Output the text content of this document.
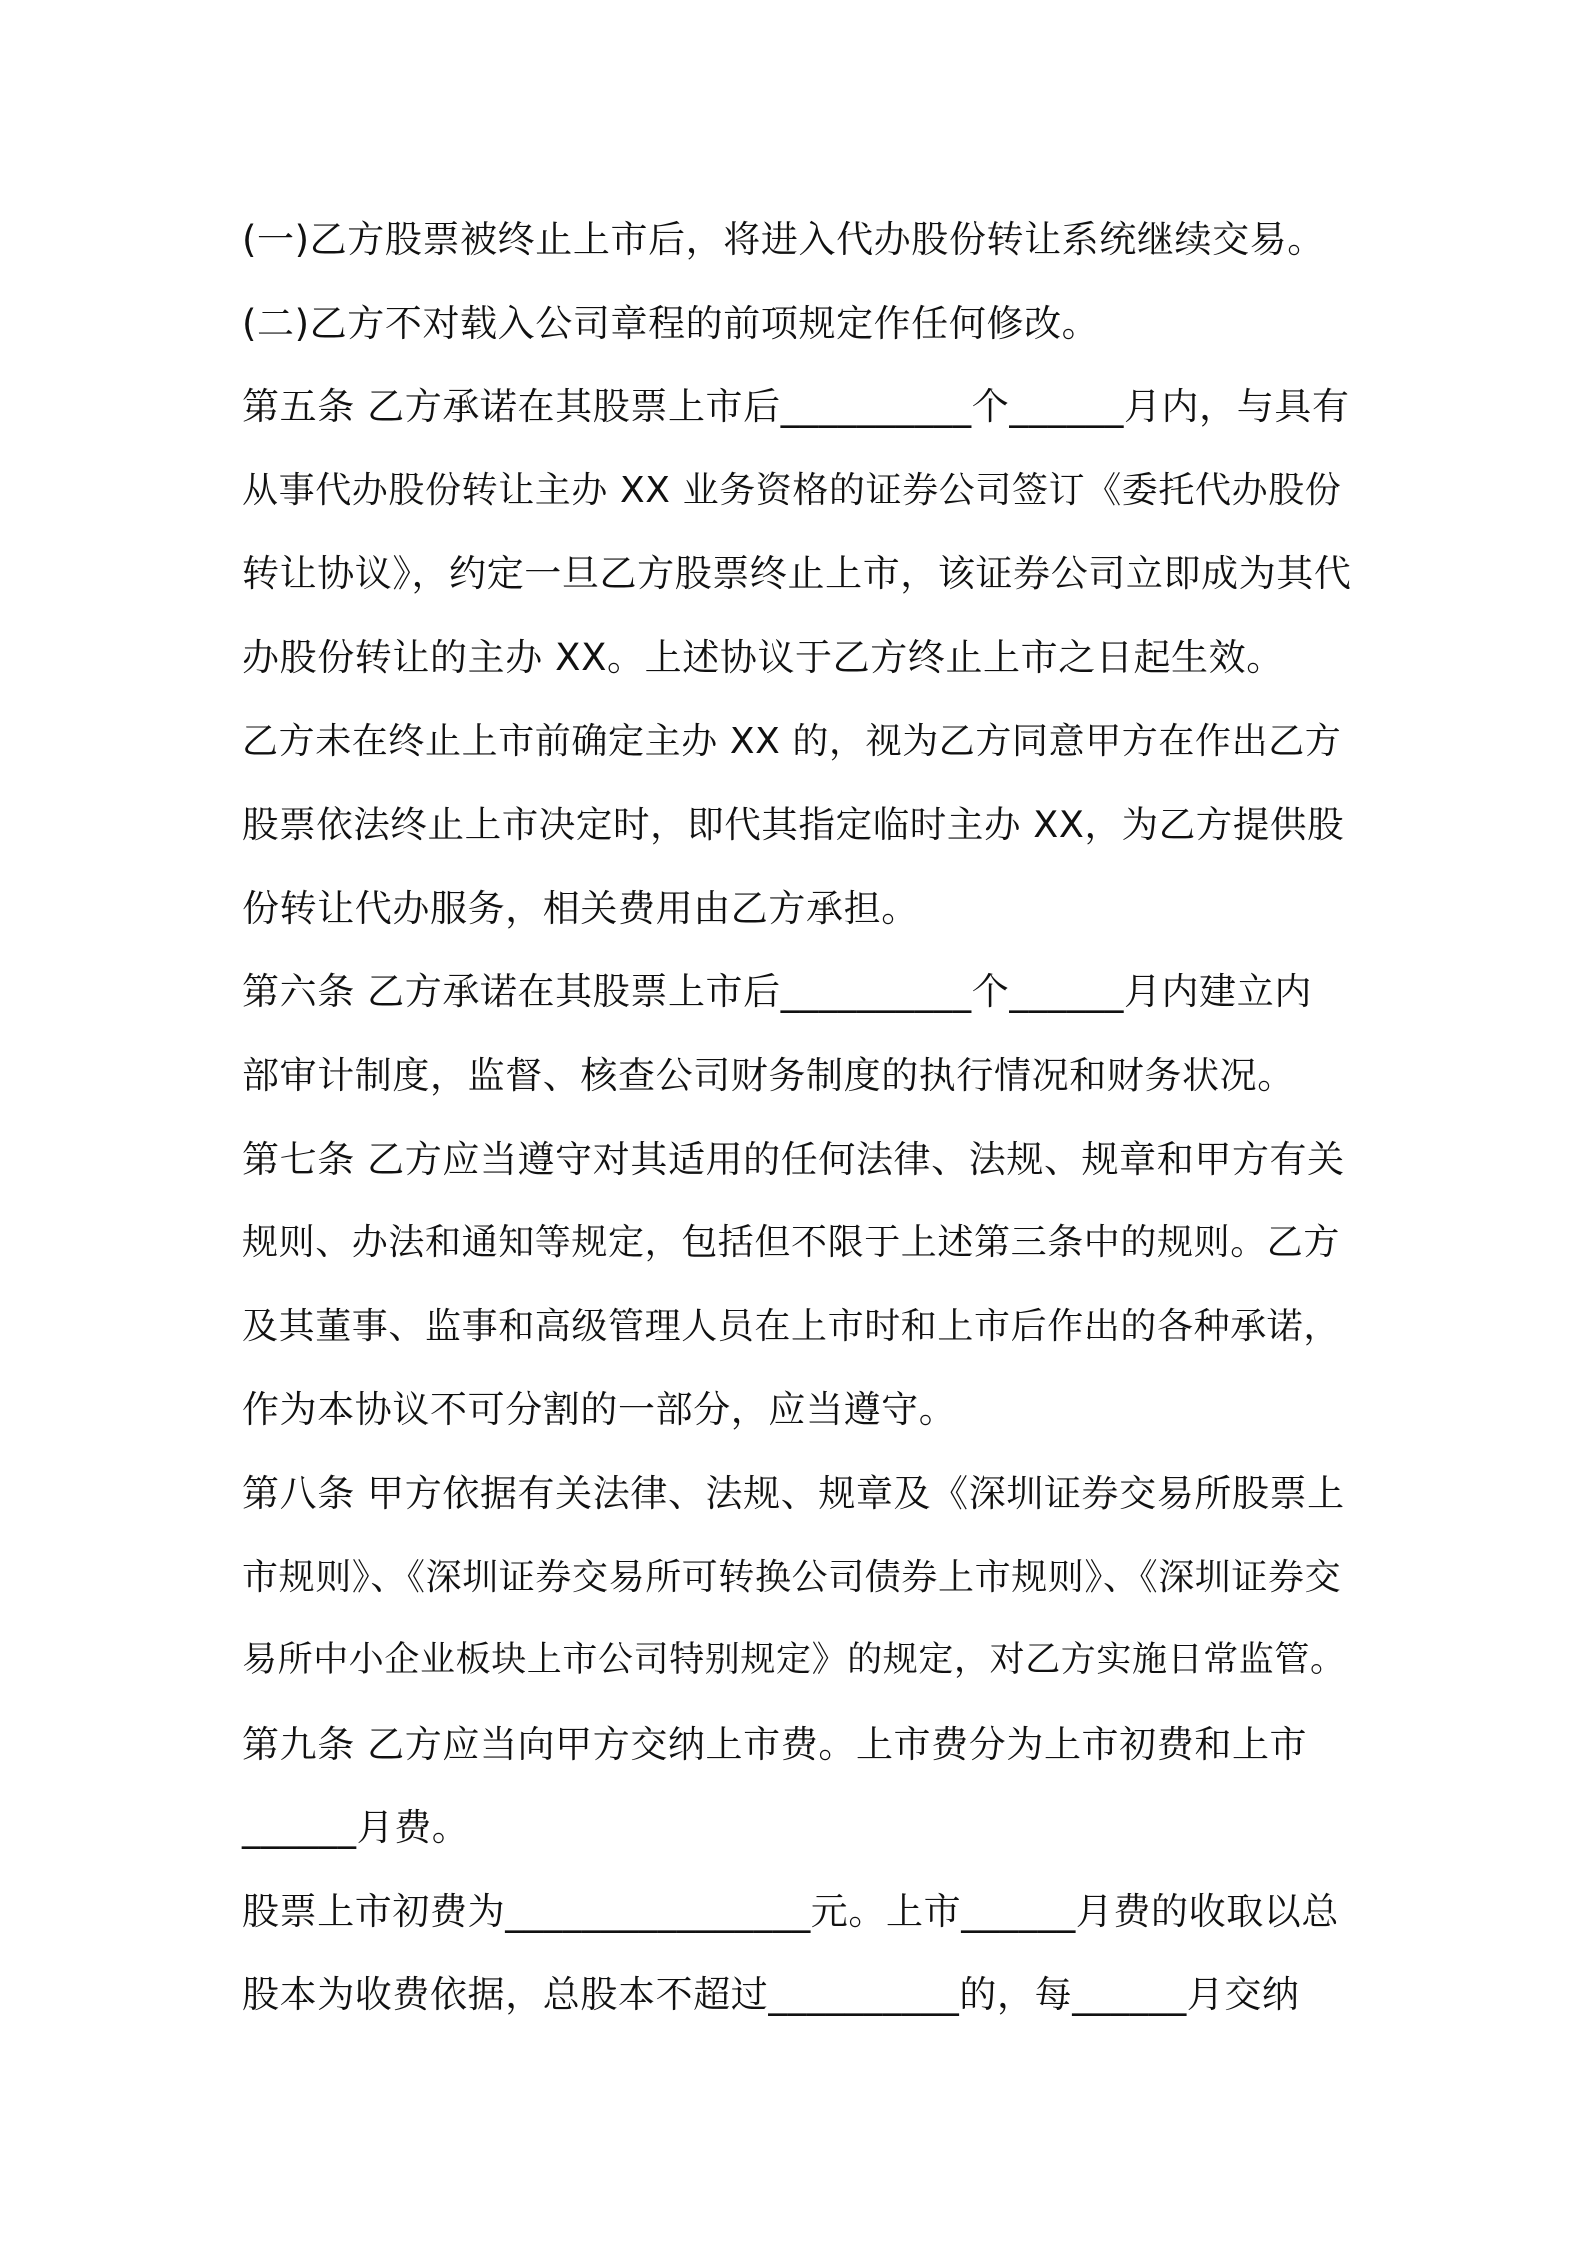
(一)乙方股票被终止上市后，将进入代办股份转让系统继续交易。
(二)乙方不对载入公司章程的前项规定作任何修改。
第五条 乙方承诺在其股票上市后__________个______月内，与具有
从事代办股份转让主办 XX 业务资格的证券公司签订《委托代办股份
转让协议》，约定一旦乙方股票终止上市，该证券公司立即成为其代
办股份转让的主办 XX。上述协议于乙方终止上市之日起生效。
乙方未在终止上市前确定主办 XX 的，视为乙方同意甲方在作出乙方
股票依法终止上市决定时，即代其指定临时主办 XX，为乙方提供股
份转让代办服务，相关费用由乙方承担。
第六条 乙方承诺在其股票上市后__________个______月内建立内
部审计制度，监督、核查公司财务制度的执行情况和财务状况。
第七条 乙方应当遵守对其适用的任何法律、法规、规章和甲方有关
规则、办法和通知等规定，包括但不限于上述第三条中的规则。乙方
及其董事、监事和高级管理人员在上市时和上市后作出的各种承诺，
作为本协议不可分割的一部分，应当遵守。
第八条 甲方依据有关法律、法规、规章及《深圳证券交易所股票上
市规则》、《深圳证券交易所可转换公司债券上市规则》、《深圳证券交
易所中小企业板块上市公司特别规定》的规定，对乙方实施日常监管。
第九条 乙方应当向甲方交纳上市费。上市费分为上市初费和上市
______月费。
股票上市初费为________________元。上市______月费的收取以总
股本为收费依据，总股本不超过__________的，每______月交纳
